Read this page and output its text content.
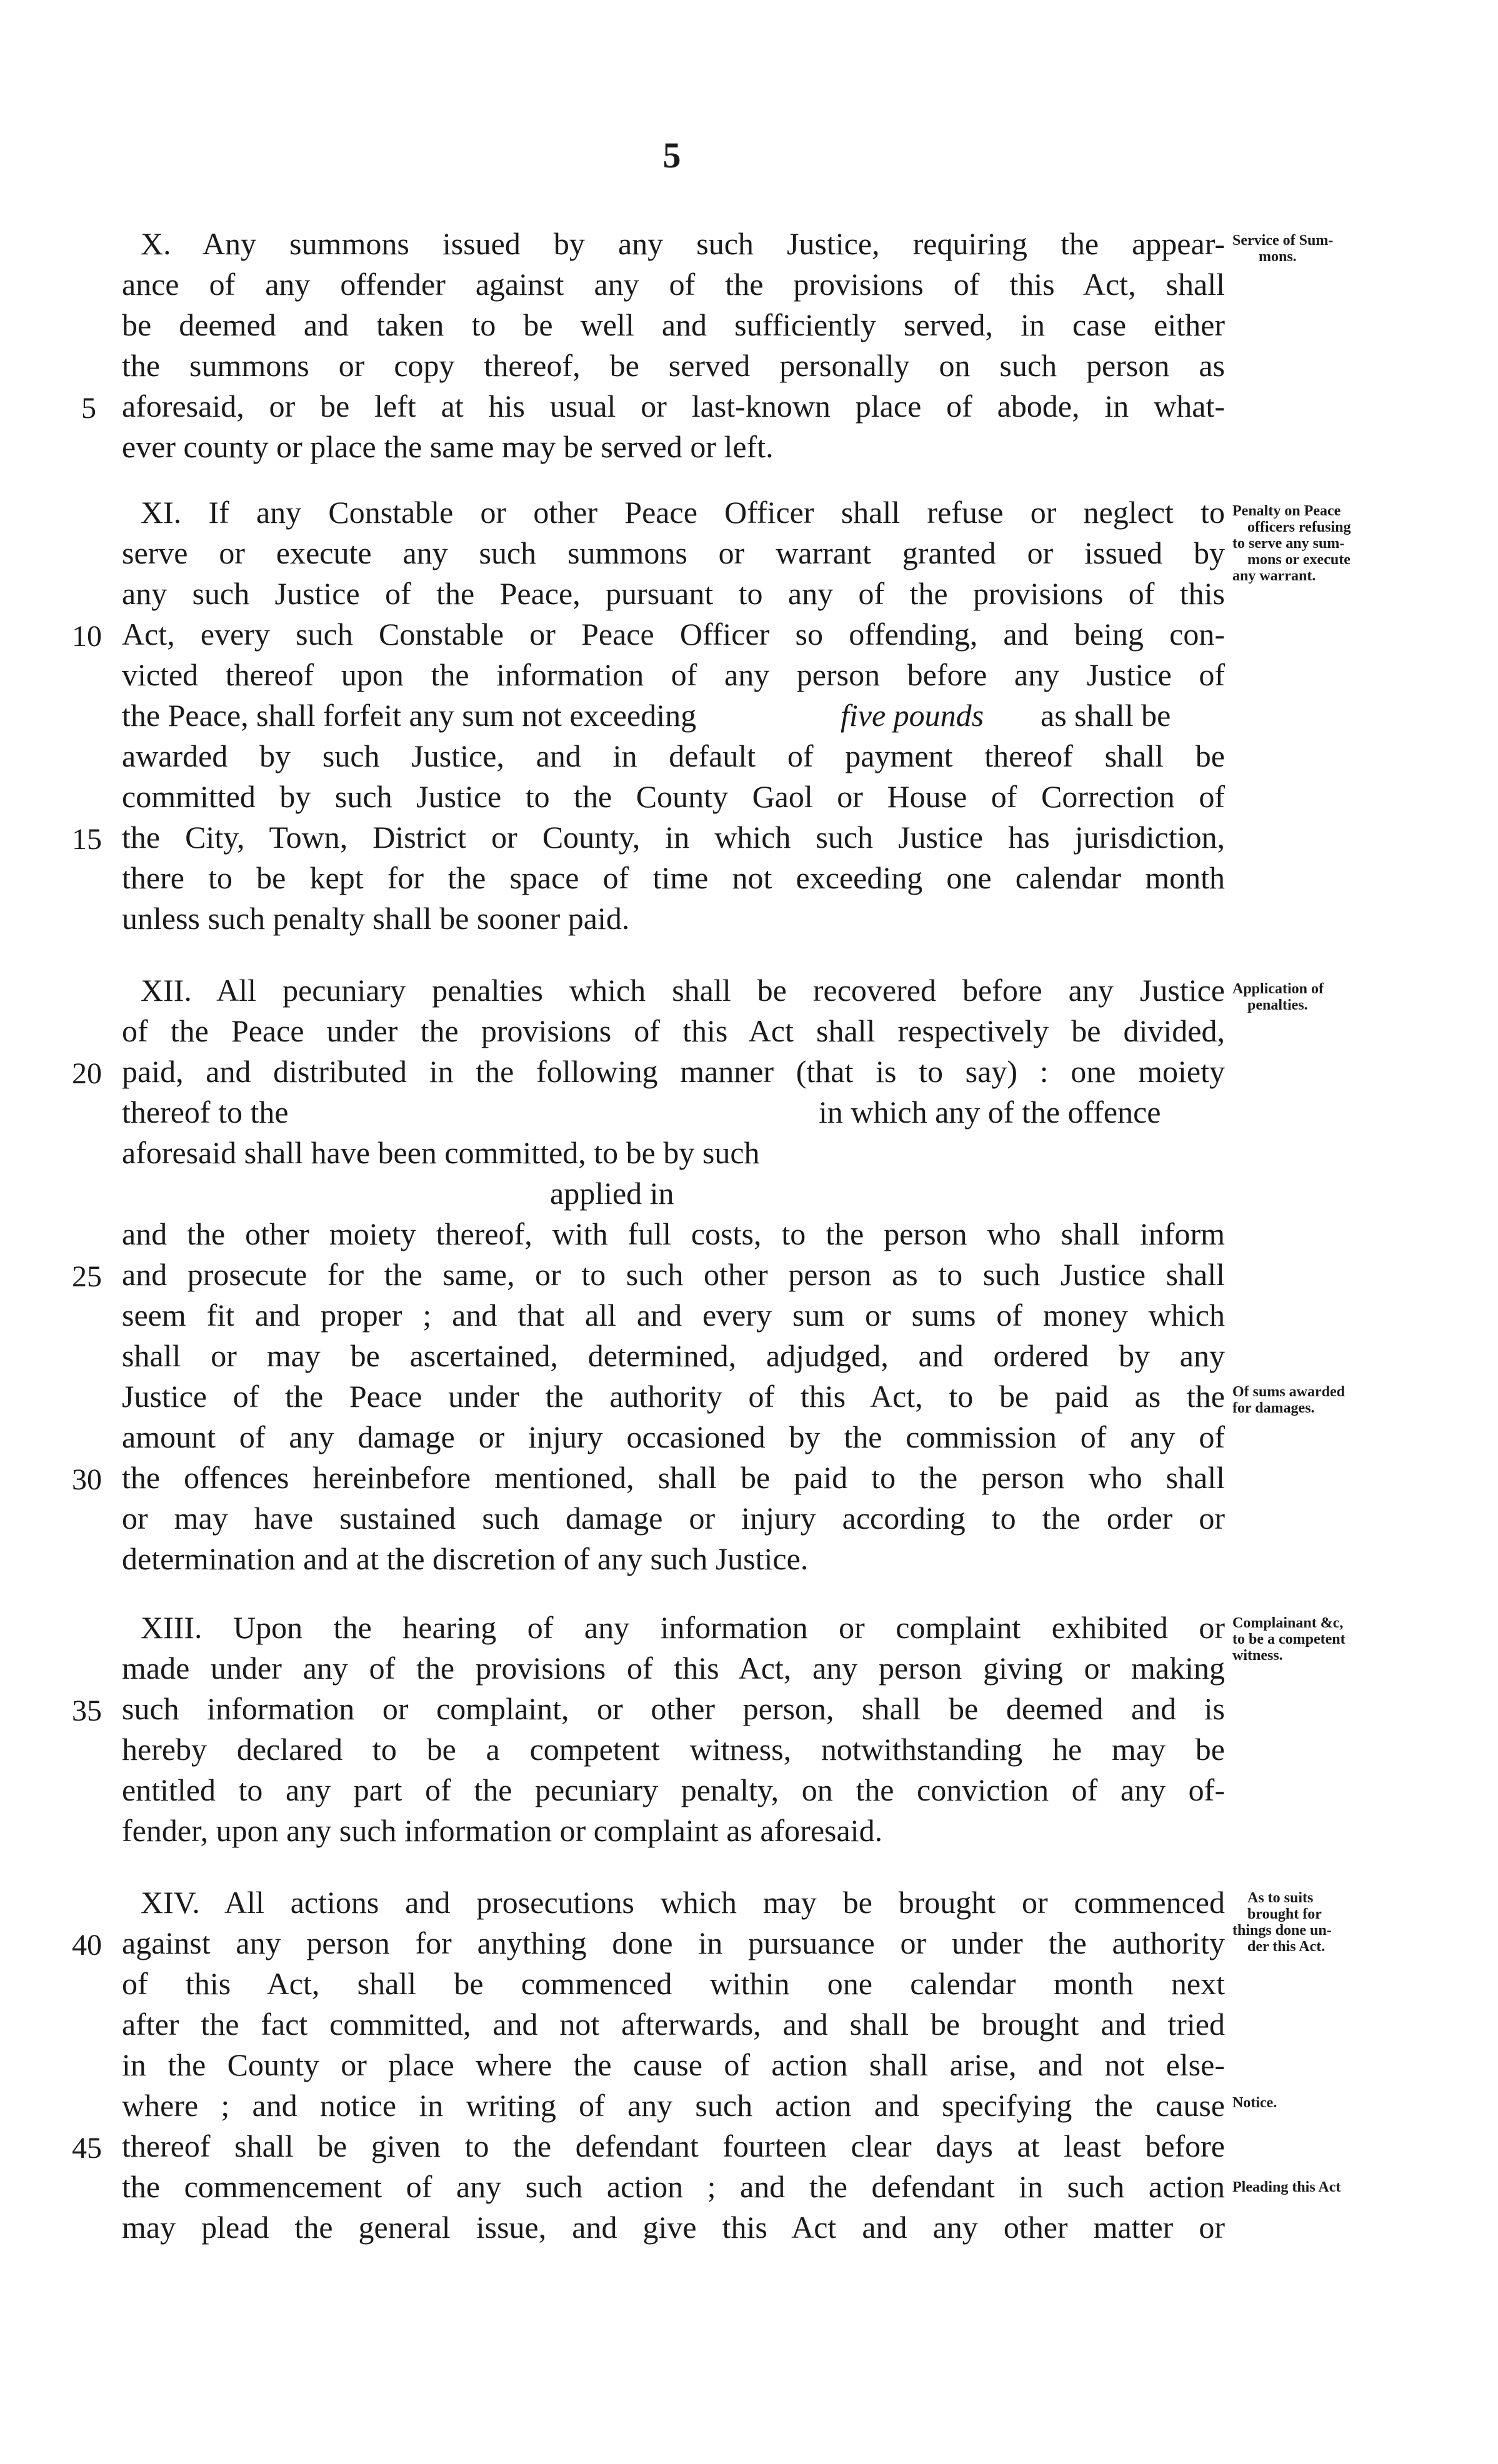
5
X. Any summons issued by any such Justice, requiring the appear-
ance of any offender against any of the provisions of this Act, shall
be deemed and taken to be well and sufficiently served, in case either
the summons or copy thereof, be served personally on such person as
aforesaid, or be left at his usual or last-known place of abode, in what-
ever county or place the same may be served or left.
XI. If any Constable or other Peace Officer shall refuse or neglect to
serve or execute any such summons or warrant granted or issued by
any such Justice of the Peace, pursuant to any of the provisions of this
Act, every such Constable or Peace Officer so offending, and being con-
victed thereof upon the information of any person before any Justice of
the Peace, shall forfeit any sum not exceeding	five pounds as shall be
awarded by such Justice, and in default of payment thereof shall be
committed by such Justice to the County Gaol or House of Correction of
the City, Town, District or County, in which such Justice has jurisdiction,
there to be kept for the space of time not exceeding one calendar month
unless such penalty shall be sooner paid.
XII. All pecuniary penalties which shall be recovered before any Justice
of the Peace under the provisions of this Act shall respectively be divided,
paid, and distributed in the following manner (that is to say) : one moiety
thereof to the	in which any of the offence
aforesaid shall have been committed, to be by such
applied in
and the other moiety thereof, with full costs, to the person who shall inform
and prosecute for the same, or to such other person as to such Justice shall
seem fit and proper ; and that all and every sum or sums of money which
shall or may be ascertained, determined, adjudged, and ordered by any
Justice of the Peace under the authority of this Act, to be paid as the
amount of any damage or injury occasioned by the commission of any of
the offences hereinbefore mentioned, shall be paid to the person who shall
or may have sustained such damage or injury according to the order or
determination and at the discretion of any such Justice.
XIII. Upon the hearing of any information or complaint exhibited or
made under any of the provisions of this Act, any person giving or making
such information or complaint, or other person, shall be deemed and is
hereby declared to be a competent witness, notwithstanding he may be
entitled to any part of the pecuniary penalty, on the conviction of any of-
fender, upon any such information or complaint as aforesaid.
XIV. All actions and prosecutions which may be brought or commenced
against any person for anything done in pursuance or under the authority
of this Act, shall be commenced within one calendar month next
after the fact committed, and not afterwards, and shall be brought and tried
in the County or place where the cause of action shall arise, and not else-
where ; and notice in writing of any such action and specifying the cause
thereof shall be given to the defendant fourteen clear days at least before
the commencement of any such action ; and the defendant in such action
may plead the general issue, and give this Act and any other matter or
5
10
15
20
25
30
35
40
45
Service of Sum-
mons.
Penalty on Peace
officers refusing
to serve any sum-
mons or execute
any warrant.
Application of
penalties.
Of sums awarded
for damages.
Complainant &c,
to be a competent
witness.
As to suits
brought for
things done un-
der this Act.
Notice.
Pleading this Act
